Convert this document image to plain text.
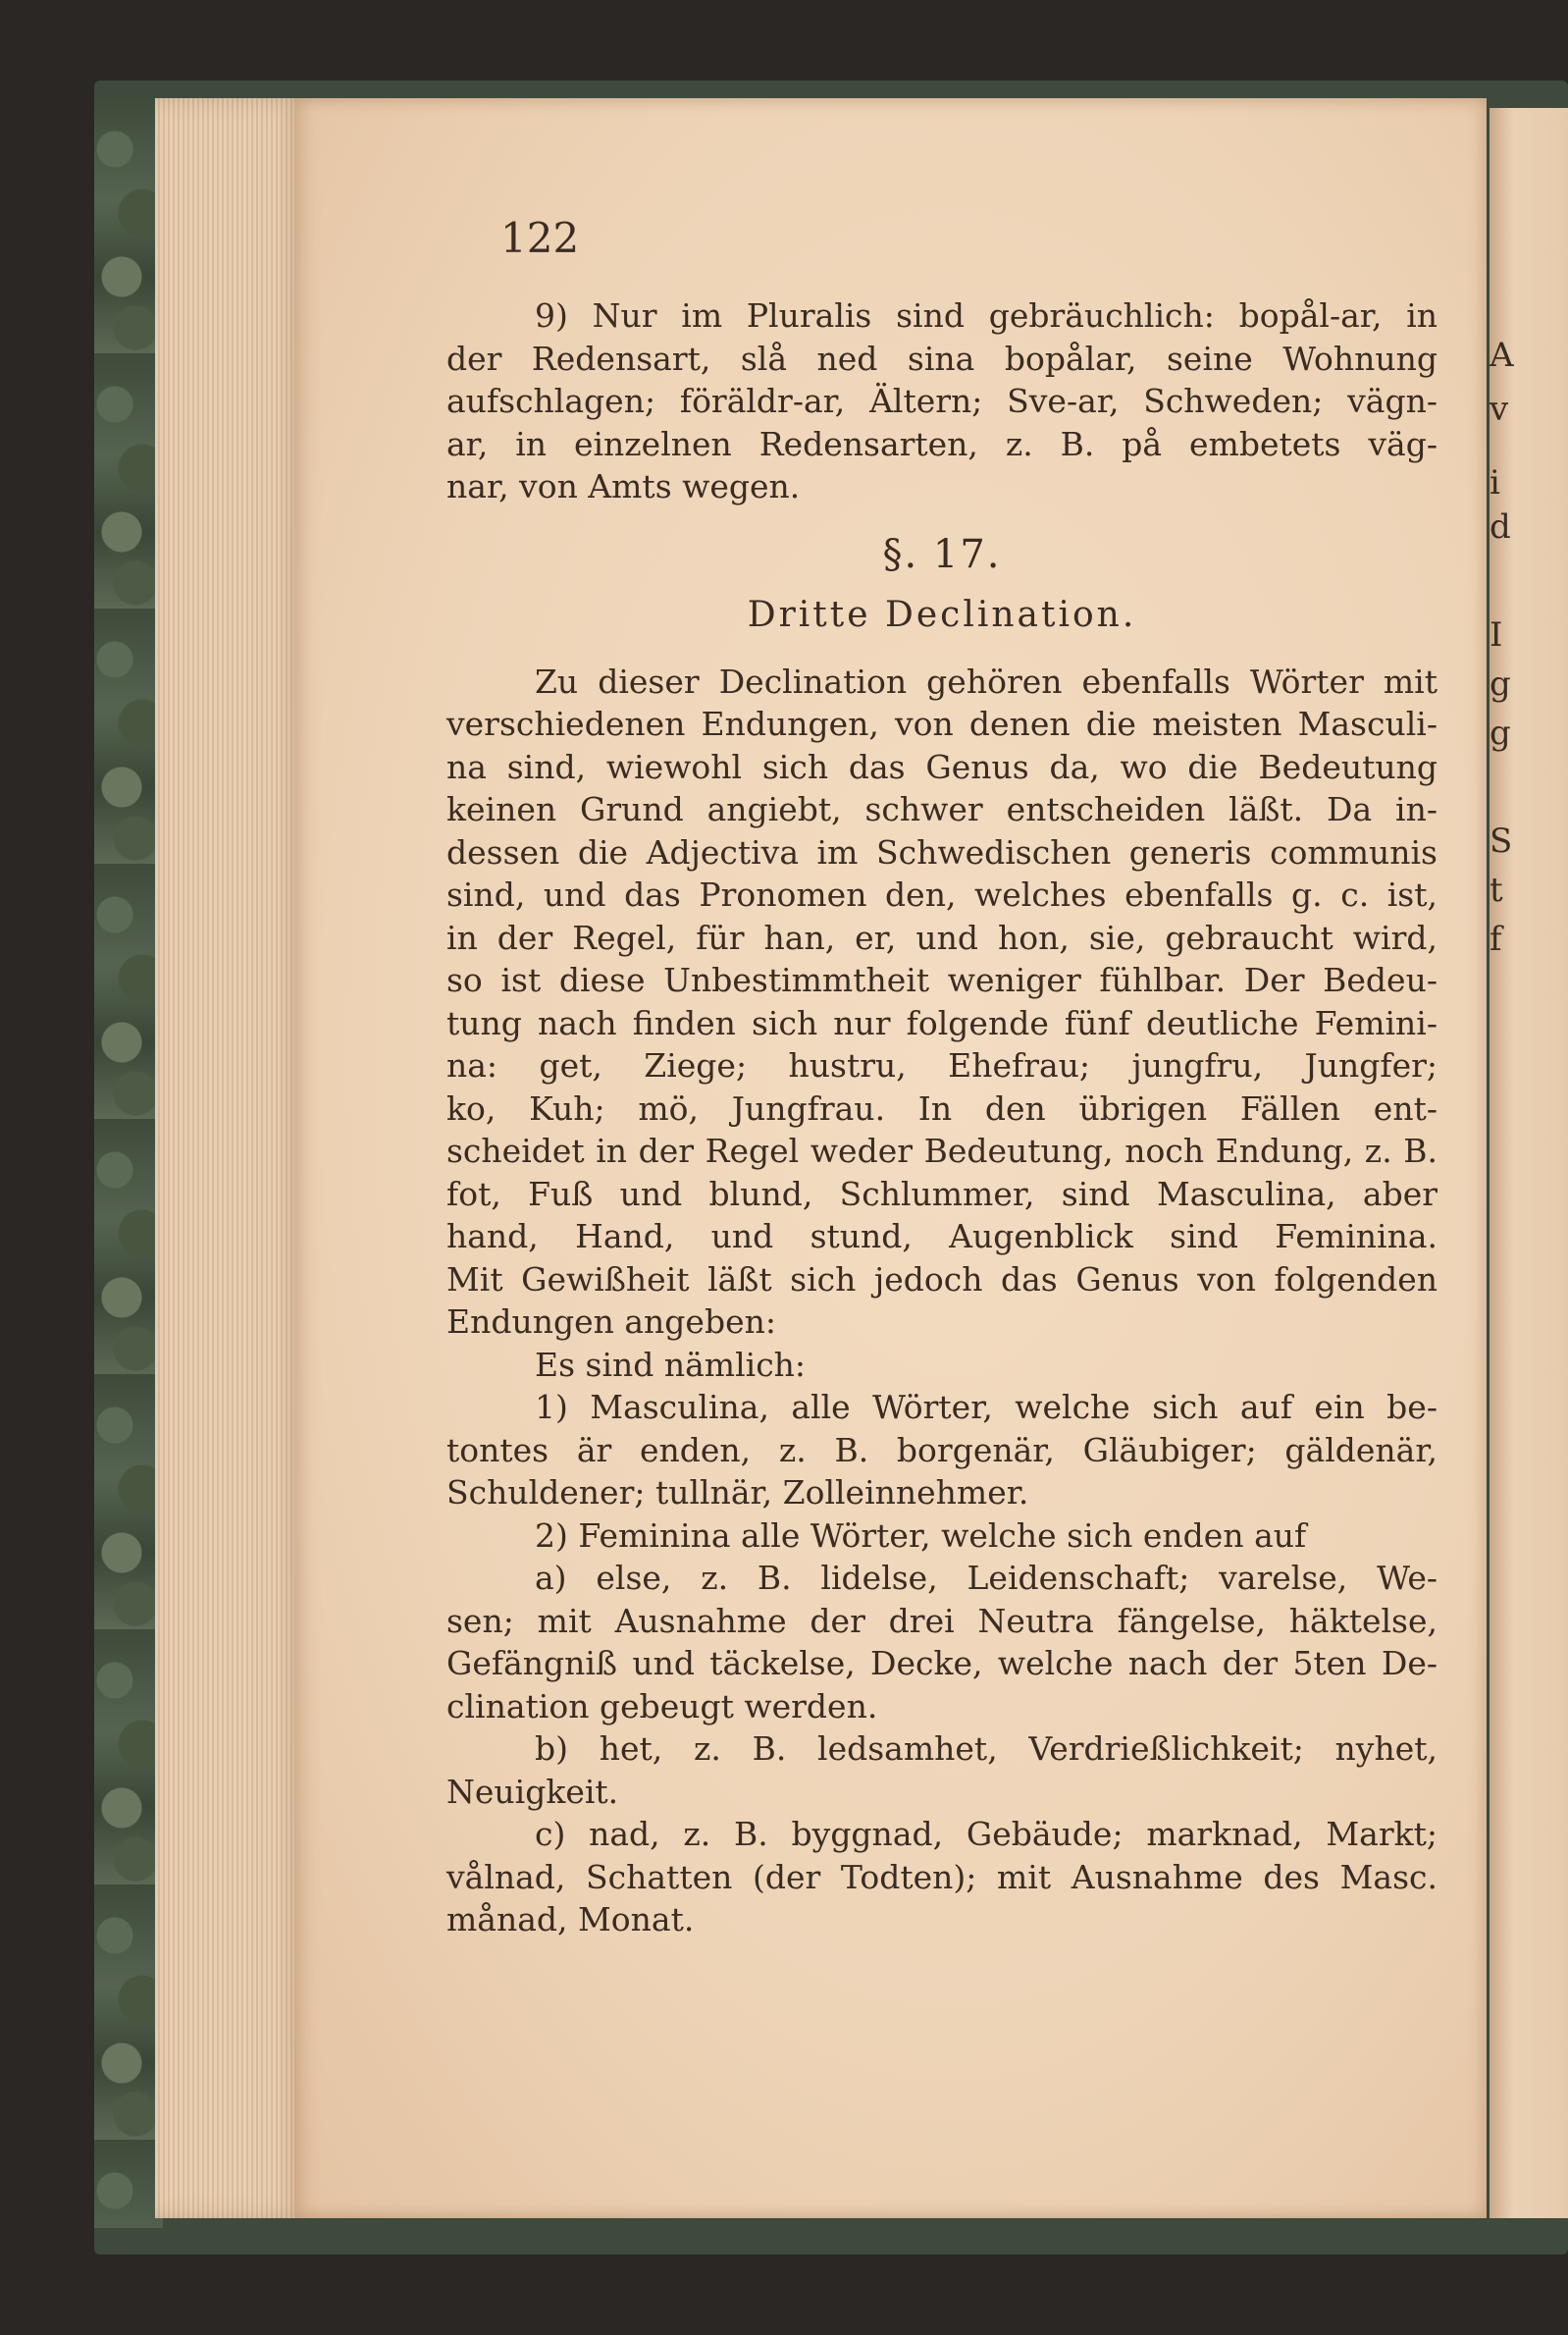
A
v
i
d
I
g
g
S
t
f
122
9) Nur im Pluralis sind gebräuchlich: bopål-ar, in
der Redensart, slå ned sina bopålar, seine Wohnung
aufschlagen; föräldr-ar, Ältern; Sve-ar, Schweden; vägn-
ar, in einzelnen Redensarten, z. B. på embetets väg-
nar, von Amts wegen.
§. 17.
Dritte Declination.
Zu dieser Declination gehören ebenfalls Wörter mit
verschiedenen Endungen, von denen die meisten Masculi-
na sind, wiewohl sich das Genus da, wo die Bedeutung
keinen Grund angiebt, schwer entscheiden läßt. Da in-
dessen die Adjectiva im Schwedischen generis communis
sind, und das Pronomen den, welches ebenfalls g. c. ist,
in der Regel, für han, er, und hon, sie, gebraucht wird,
so ist diese Unbestimmtheit weniger fühlbar. Der Bedeu-
tung nach finden sich nur folgende fünf deutliche Femini-
na: get, Ziege; hustru, Ehefrau; jungfru, Jungfer;
ko, Kuh; mö, Jungfrau. In den übrigen Fällen ent-
scheidet in der Regel weder Bedeutung, noch Endung, z. B.
fot, Fuß und blund, Schlummer, sind Masculina, aber
hand, Hand, und stund, Augenblick sind Feminina.
Mit Gewißheit läßt sich jedoch das Genus von folgenden
Endungen angeben:
Es sind nämlich:
1) Masculina, alle Wörter, welche sich auf ein be-
tontes är enden, z. B. borgenär, Gläubiger; gäldenär,
Schuldener; tullnär, Zolleinnehmer.
2) Feminina alle Wörter, welche sich enden auf
a) else, z. B. lidelse, Leidenschaft; varelse, We-
sen; mit Ausnahme der drei Neutra fängelse, häktelse,
Gefängniß und täckelse, Decke, welche nach der 5ten De-
clination gebeugt werden.
b) het, z. B. ledsamhet, Verdrießlichkeit; nyhet,
Neuigkeit.
c) nad, z. B. byggnad, Gebäude; marknad, Markt;
vålnad, Schatten (der Todten); mit Ausnahme des Masc.
månad, Monat.
